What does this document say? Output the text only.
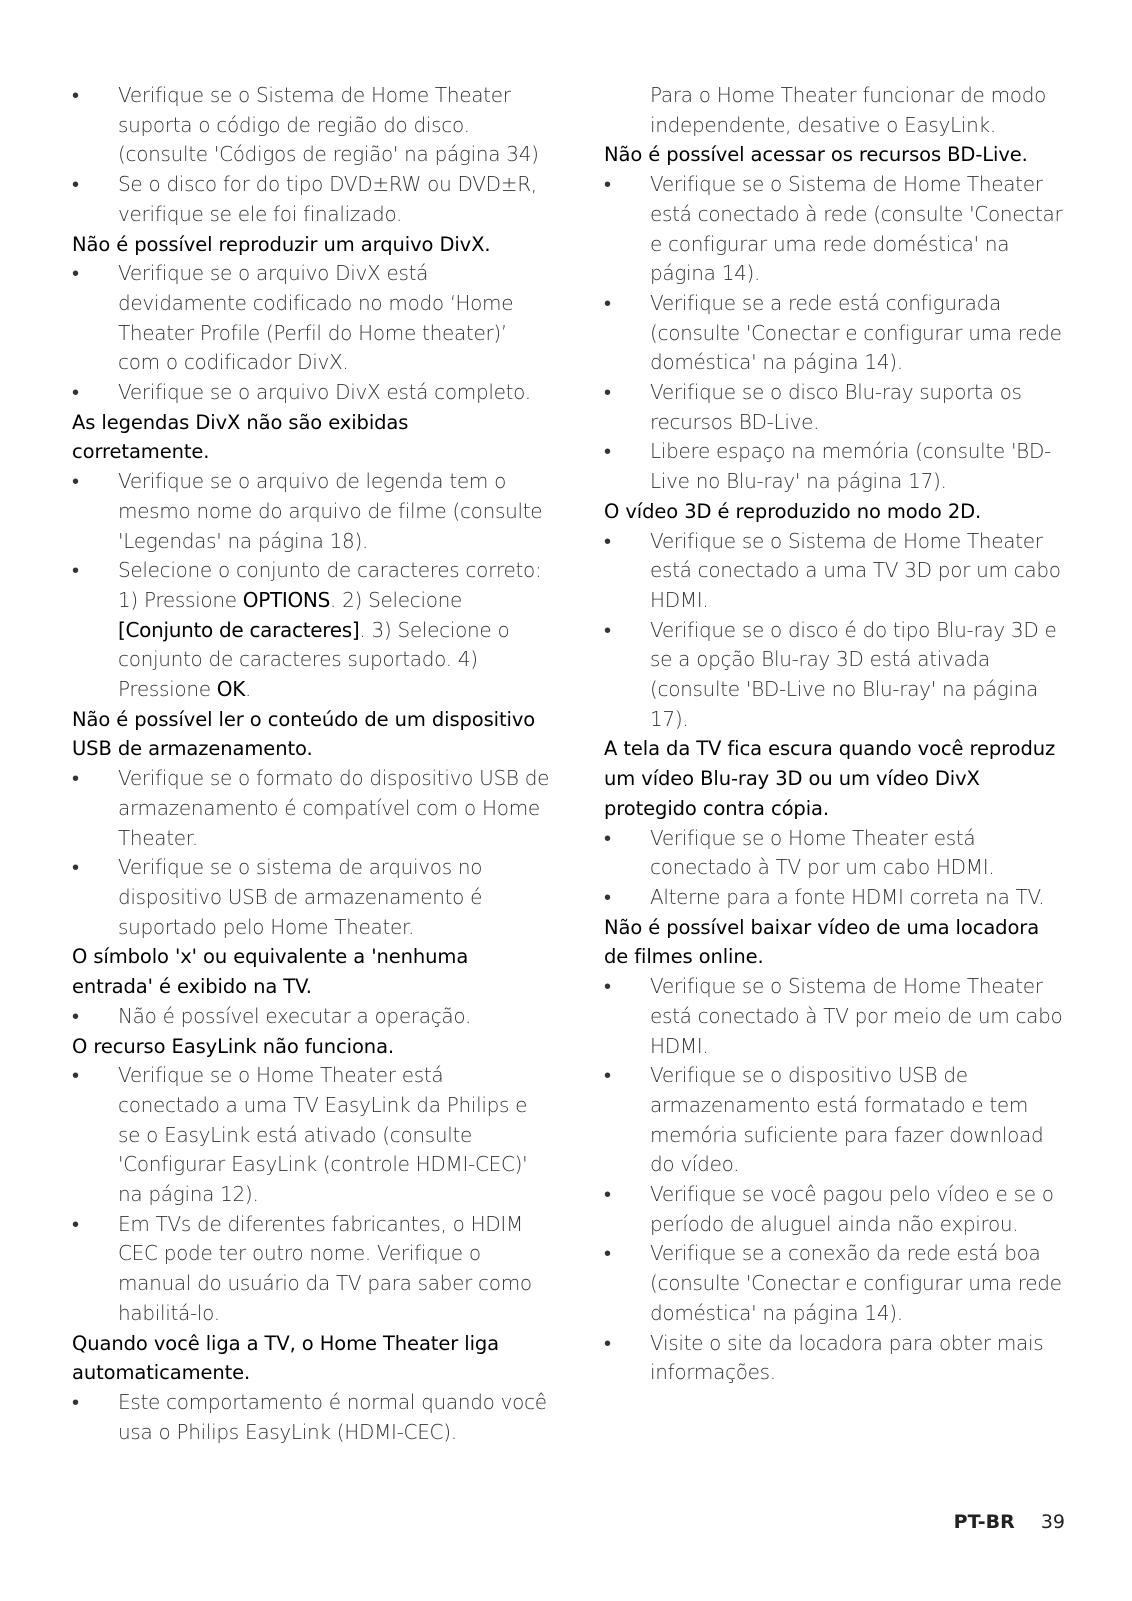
• Verifique se o Sistema de Home Theater suporta o código de região do disco. (consulte 'Códigos de região' na página 34)
• Se o disco for do tipo DVD±RW ou DVD±R, verifique se ele foi finalizado.

Não é possível reproduzir um arquivo DivX.

• Verifique se o arquivo DivX está devidamente codificado no modo ‘Home Theater Profile (Perfil do Home theater)’ com o codificador DivX.
• Verifique se o arquivo DivX está completo.

As legendas DivX não são exibidas corretamente.

• Verifique se o arquivo de legenda tem o mesmo nome do arquivo de filme (consulte 'Legendas' na página 18).
• Selecione o conjunto de caracteres correto: 1) Pressione OPTIONS. 2) Selecione [Conjunto de caracteres]. 3) Selecione o conjunto de caracteres suportado. 4) Pressione OK.

Não é possível ler o conteúdo de um dispositivo USB de armazenamento.

• Verifique se o formato do dispositivo USB de armazenamento é compatível com o Home Theater.
• Verifique se o sistema de arquivos no dispositivo USB de armazenamento é suportado pelo Home Theater.

O símbolo 'x' ou equivalente a 'nenhuma entrada' é exibido na TV.

• Não é possível executar a operação.

O recurso EasyLink não funciona.

• Verifique se o Home Theater está conectado a uma TV EasyLink da Philips e se o EasyLink está ativado (consulte 'Configurar EasyLink (controle HDMI-CEC)' na página 12).
• Em TVs de diferentes fabricantes, o HDIM CEC pode ter outro nome. Verifique o manual do usuário da TV para saber como habilitá-lo.

Quando você liga a TV, o Home Theater liga automaticamente.

• Este comportamento é normal quando você usa o Philips EasyLink (HDMI-CEC).

Para o Home Theater funcionar de modo independente, desative o EasyLink.

Não é possível acessar os recursos BD-Live.

• Verifique se o Sistema de Home Theater está conectado à rede (consulte 'Conectar e configurar uma rede doméstica' na página 14).
• Verifique se a rede está configurada (consulte 'Conectar e configurar uma rede doméstica' na página 14).
• Verifique se o disco Blu-ray suporta os recursos BD-Live.
• Libere espaço na memória (consulte 'BD-Live no Blu-ray' na página 17).

O vídeo 3D é reproduzido no modo 2D.

• Verifique se o Sistema de Home Theater está conectado a uma TV 3D por um cabo HDMI.
• Verifique se o disco é do tipo Blu-ray 3D e se a opção Blu-ray 3D está ativada (consulte 'BD-Live no Blu-ray' na página 17).

A tela da TV fica escura quando você reproduz um vídeo Blu-ray 3D ou um vídeo DivX protegido contra cópia.

• Verifique se o Home Theater está conectado à TV por um cabo HDMI.
• Alterne para a fonte HDMI correta na TV.

Não é possível baixar vídeo de uma locadora de filmes online.

• Verifique se o Sistema de Home Theater está conectado à TV por meio de um cabo HDMI.
• Verifique se o dispositivo USB de armazenamento está formatado e tem memória suficiente para fazer download do vídeo.
• Verifique se você pagou pelo vídeo e se o período de aluguel ainda não expirou.
• Verifique se a conexão da rede está boa (consulte 'Conectar e configurar uma rede doméstica' na página 14).
• Visite o site da locadora para obter mais informações.
PT-BR 39
